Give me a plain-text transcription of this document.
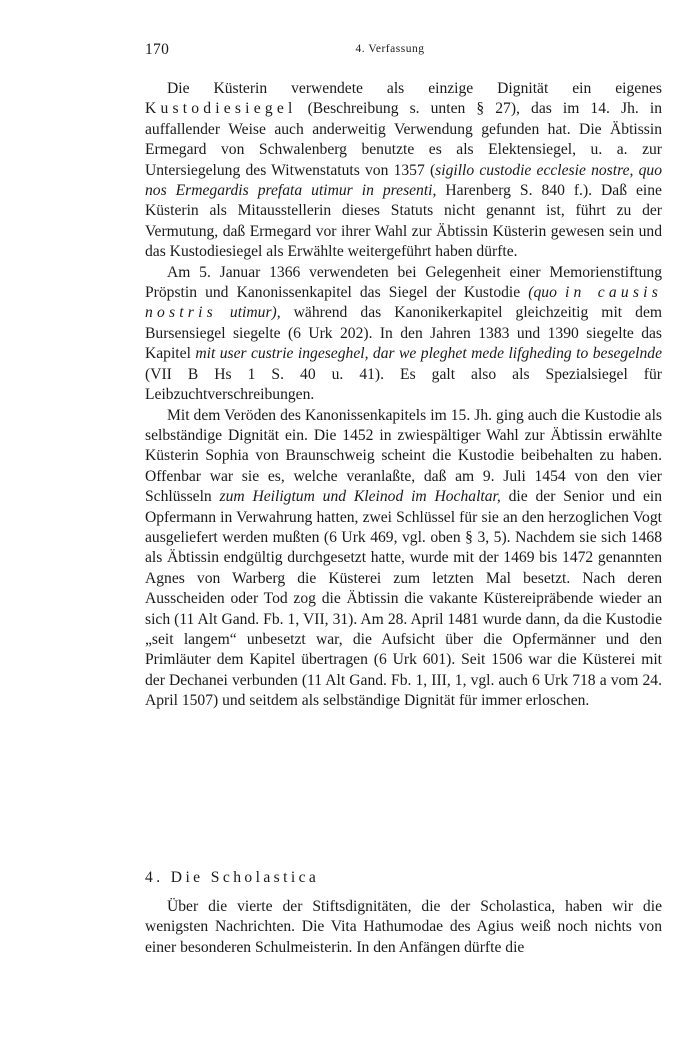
170	4. Verfassung

Die Küsterin verwendete als einzige Dignität ein eigenes Kustodiesiegel (Beschreibung s. unten § 27), das im 14. Jh. in auffallender Weise auch anderweitig Verwendung gefunden hat. Die Äbtissin Ermegard von Schwalenberg benutzte es als Elektensiegel, u. a. zur Untersiegelung des Witwenstatuts von 1357 (sigillo custodie ecclesie nostre, quo nos Ermegardis prefata utimur in presenti, Harenberg S. 840 f.). Daß eine Küsterin als Mitausstellerin dieses Statuts nicht genannt ist, führt zu der Vermutung, daß Ermegard vor ihrer Wahl zur Äbtissin Küsterin gewesen sein und das Kustodiesiegel als Erwählte weitergeführt haben dürfte.

Am 5. Januar 1366 verwendeten bei Gelegenheit einer Memorienstiftung Pröpstin und Kanonissenkapitel das Siegel der Kustodie (quo in causis nostris utimur), während das Kanonikerkapitel gleichzeitig mit dem Bursensiegel siegelte (6 Urk 202). In den Jahren 1383 und 1390 siegelte das Kapitel mit user custrie ingeseghel, dar we pleghet mede lifgheding to besegelnde (VII B Hs 1 S. 40 u. 41). Es galt also als Spezialsiegel für Leibzuchtverschreibungen.

Mit dem Veröden des Kanonissenkapitels im 15. Jh. ging auch die Kustodie als selbständige Dignität ein. Die 1452 in zwiespältiger Wahl zur Äbtissin erwählte Küsterin Sophia von Braunschweig scheint die Kustodie beibehalten zu haben. Offenbar war sie es, welche veranlaßte, daß am 9. Juli 1454 von den vier Schlüsseln zum Heiligtum und Kleinod im Hochaltar, die der Senior und ein Opfermann in Verwahrung hatten, zwei Schlüssel für sie an den herzoglichen Vogt ausgeliefert werden mußten (6 Urk 469, vgl. oben § 3, 5). Nachdem sie sich 1468 als Äbtissin endgültig durchgesetzt hatte, wurde mit der 1469 bis 1472 genannten Agnes von Warberg die Küsterei zum letzten Mal besetzt. Nach deren Ausscheiden oder Tod zog die Äbtissin die vakante Küstereipräbende wieder an sich (11 Alt Gand. Fb. 1, VII, 31). Am 28. April 1481 wurde dann, da die Kustodie „seit langem“ unbesetzt war, die Aufsicht über die Opfermänner und den Primläuter dem Kapitel übertragen (6 Urk 601). Seit 1506 war die Küsterei mit der Dechanei verbunden (11 Alt Gand. Fb. 1, III, 1, vgl. auch 6 Urk 718 a vom 24. April 1507) und seitdem als selbständige Dignität für immer erloschen.

4. Die Scholastica

Über die vierte der Stiftsdignitäten, die der Scholastica, haben wir die wenigsten Nachrichten. Die Vita Hathumodae des Agius weiß noch nichts von einer besonderen Schulmeisterin. In den Anfängen dürfte die
